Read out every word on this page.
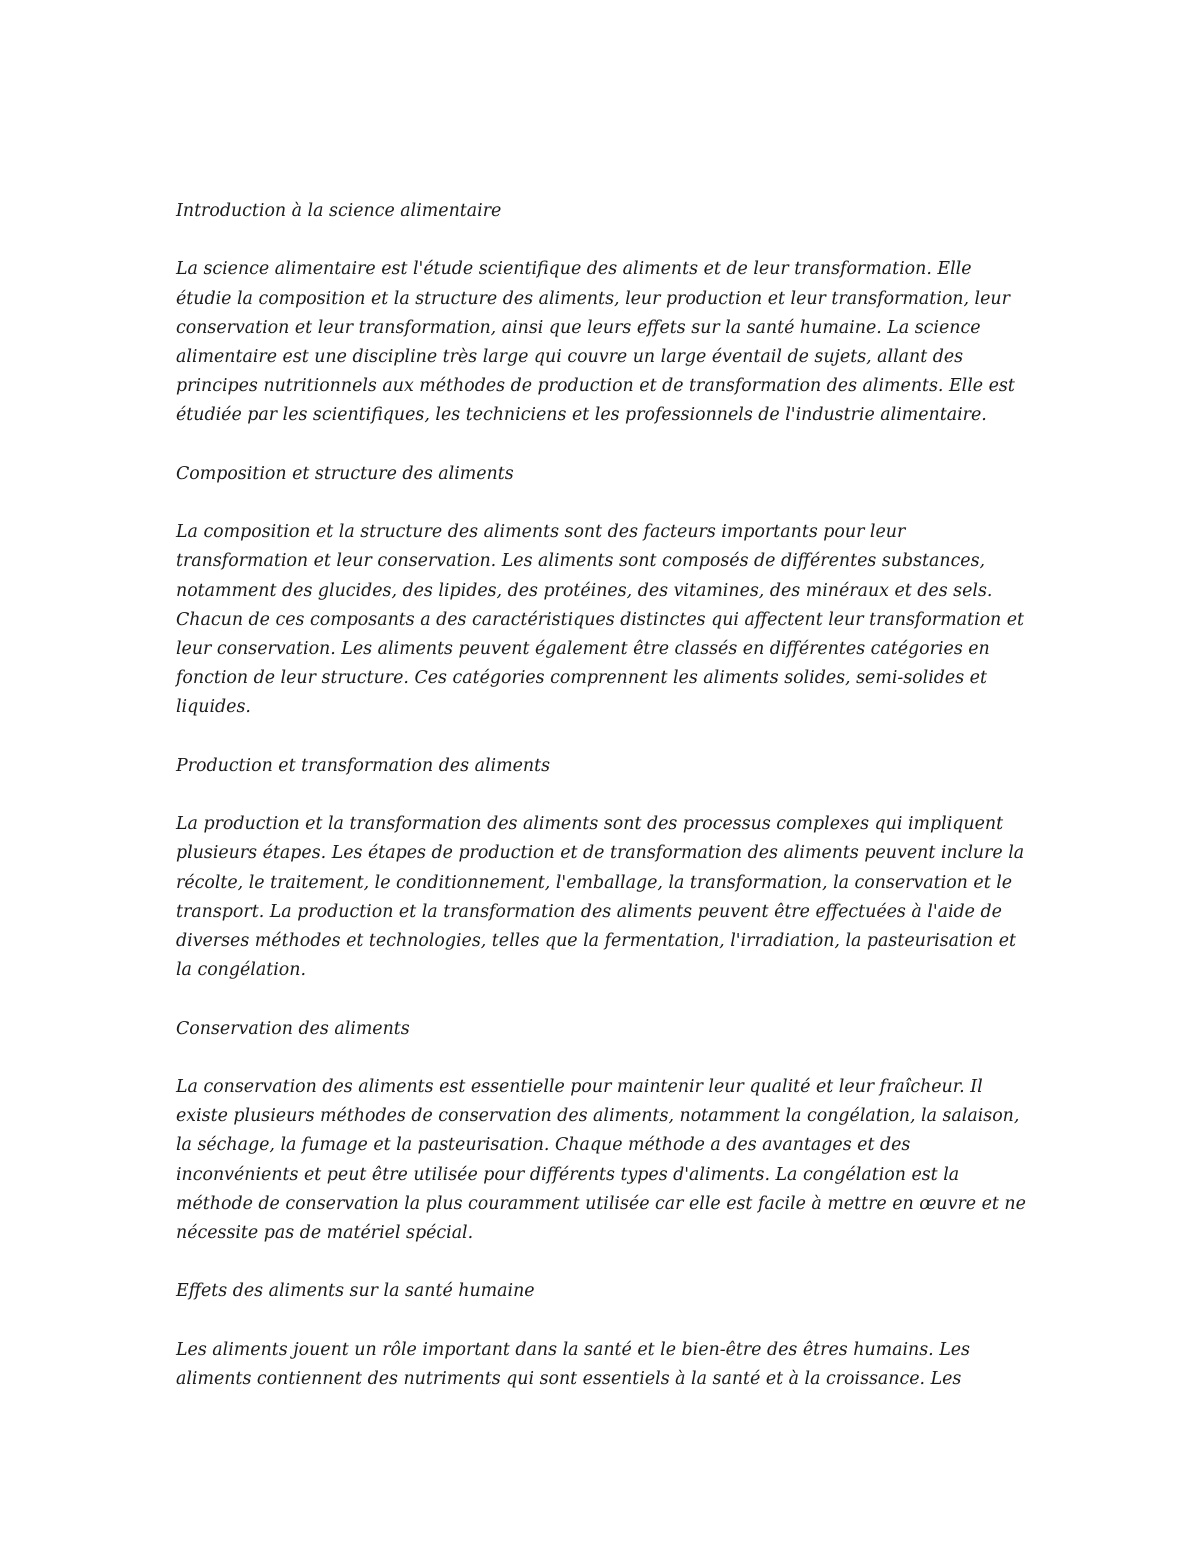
Introduction à la science alimentaire
La science alimentaire est l'étude scientifique des aliments et de leur transformation. Elle
étudie la composition et la structure des aliments, leur production et leur transformation, leur
conservation et leur transformation, ainsi que leurs effets sur la santé humaine. La science
alimentaire est une discipline très large qui couvre un large éventail de sujets, allant des
principes nutritionnels aux méthodes de production et de transformation des aliments. Elle est
étudiée par les scientifiques, les techniciens et les professionnels de l'industrie alimentaire.
Composition et structure des aliments
La composition et la structure des aliments sont des facteurs importants pour leur
transformation et leur conservation. Les aliments sont composés de différentes substances,
notamment des glucides, des lipides, des protéines, des vitamines, des minéraux et des sels.
Chacun de ces composants a des caractéristiques distinctes qui affectent leur transformation et
leur conservation. Les aliments peuvent également être classés en différentes catégories en
fonction de leur structure. Ces catégories comprennent les aliments solides, semi-solides et
liquides.
Production et transformation des aliments
La production et la transformation des aliments sont des processus complexes qui impliquent
plusieurs étapes. Les étapes de production et de transformation des aliments peuvent inclure la
récolte, le traitement, le conditionnement, l'emballage, la transformation, la conservation et le
transport. La production et la transformation des aliments peuvent être effectuées à l'aide de
diverses méthodes et technologies, telles que la fermentation, l'irradiation, la pasteurisation et
la congélation.
Conservation des aliments
La conservation des aliments est essentielle pour maintenir leur qualité et leur fraîcheur. Il
existe plusieurs méthodes de conservation des aliments, notamment la congélation, la salaison,
la séchage, la fumage et la pasteurisation. Chaque méthode a des avantages et des
inconvénients et peut être utilisée pour différents types d'aliments. La congélation est la
méthode de conservation la plus couramment utilisée car elle est facile à mettre en œuvre et ne
nécessite pas de matériel spécial.
Effets des aliments sur la santé humaine
Les aliments jouent un rôle important dans la santé et le bien-être des êtres humains. Les
aliments contiennent des nutriments qui sont essentiels à la santé et à la croissance. Les
